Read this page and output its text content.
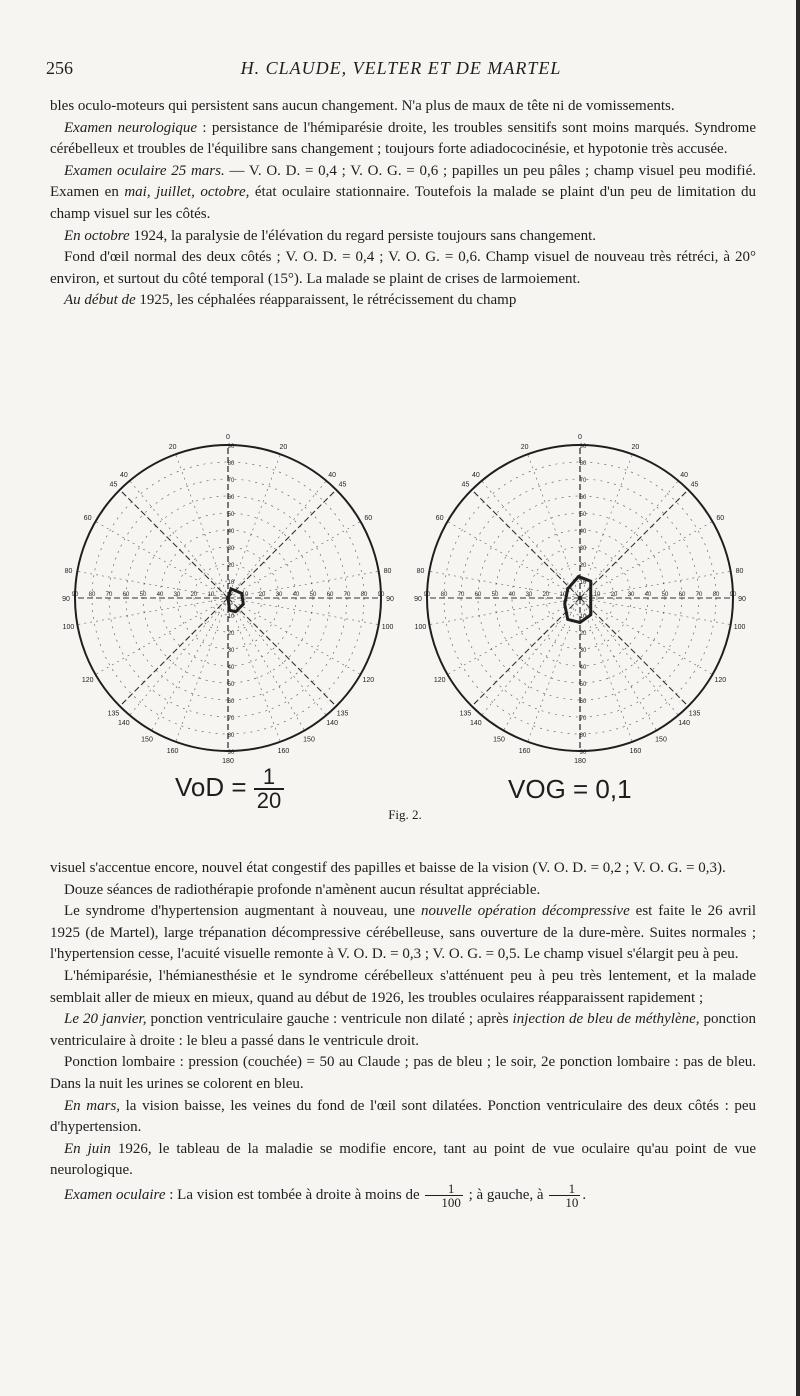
256	H. CLAUDE, VELTER ET DE MARTEL

bles oculo-moteurs qui persistent sans aucun changement. N'a plus de maux de tête ni de vomissements.

Examen neurologique : persistance de l'hémiparésie droite, les troubles sensitifs sont moins marqués. Syndrome cérébelleux et troubles de l'équilibre sans changement ; toujours forte adiadococinésie, et hypotonie très accusée.

Examen oculaire 25 mars. — V. O. D. = 0,4 ; V. O. G. = 0,6 ; papilles un peu pâles ; champ visuel peu modifié. Examen en mai, juillet, octobre, état oculaire stationnaire. Toutefois la malade se plaint d'un peu de limitation du champ visuel sur les côtés.

En octobre 1924, la paralysie de l'élévation du regard persiste toujours sans changement.

Fond d'œil normal des deux côtés ; V. O. D. = 0,4 ; V. O. G. = 0,6. Champ visuel de nouveau très rétréci, à 20° environ, et surtout du côté temporal (15°). La malade se plaint de crises de larmoiement.

Au début de 1925, les céphalées réapparaissent, le rétrécissement du champ

0
20
20
40
40
45
45
60
60
80
80
90
90
100
100
120
120
135
135
140
140
150
150
160
160
180
10
10
10
10
20
20
20
20
30
30
30
30
40
40
40
40
50
50
50
50
60
60
60
60
70
70
70
70
80
80
80
80
90
90
90
90
0
20
20
40
40
45
45
60
60
80
80
90
90
100
100
120
120
135
135
140
140
150
150
160
160
180
10
10
10
10
20
20
20
20
30
30
30
30
40
40
40
40
50
50
50
50
60
60
60
60
70
70
70
70
80
80
80
80
90
90
90
90
VoD = $\frac{1}{20}$	VOG = 0,1
Fig. 2.

visuel s'accentue encore, nouvel état congestif des papilles et baisse de la vision (V. O. D. = 0,2 ; V. O. G. = 0,3).

Douze séances de radiothérapie profonde n'amènent aucun résultat appréciable.

Le syndrome d'hypertension augmentant à nouveau, une nouvelle opération décompressive est faite le 26 avril 1925 (de Martel), large trépanation décompressive cérébelleuse, sans ouverture de la dure-mère. Suites normales ; l'hypertension cesse, l'acuité visuelle remonte à V. O. D. = 0,3 ; V. O. G. = 0,5. Le champ visuel s'élargit peu à peu.

L'hémiparésie, l'hémianesthésie et le syndrome cérébelleux s'atténuent peu à peu très lentement, et la malade semblait aller de mieux en mieux, quand au début de 1926, les troubles oculaires réapparaissent rapidement ;

Le 20 janvier, ponction ventriculaire gauche : ventricule non dilaté ; après injection de bleu de méthylène, ponction ventriculaire à droite : le bleu a passé dans le ventricule droit.

Ponction lombaire : pression (couchée) = 50 au Claude ; pas de bleu ; le soir, 2e ponction lombaire : pas de bleu. Dans la nuit les urines se colorent en bleu.

En mars, la vision baisse, les veines du fond de l'œil sont dilatées. Ponction ventriculaire des deux côtés : peu d'hypertension.

En juin 1926, le tableau de la maladie se modifie encore, tant au point de vue oculaire qu'au point de vue neurologique.

Examen oculaire : La vision est tombée à droite à moins de $\frac{1}{100}$ ; à gauche, à $\frac{1}{10}$ .
